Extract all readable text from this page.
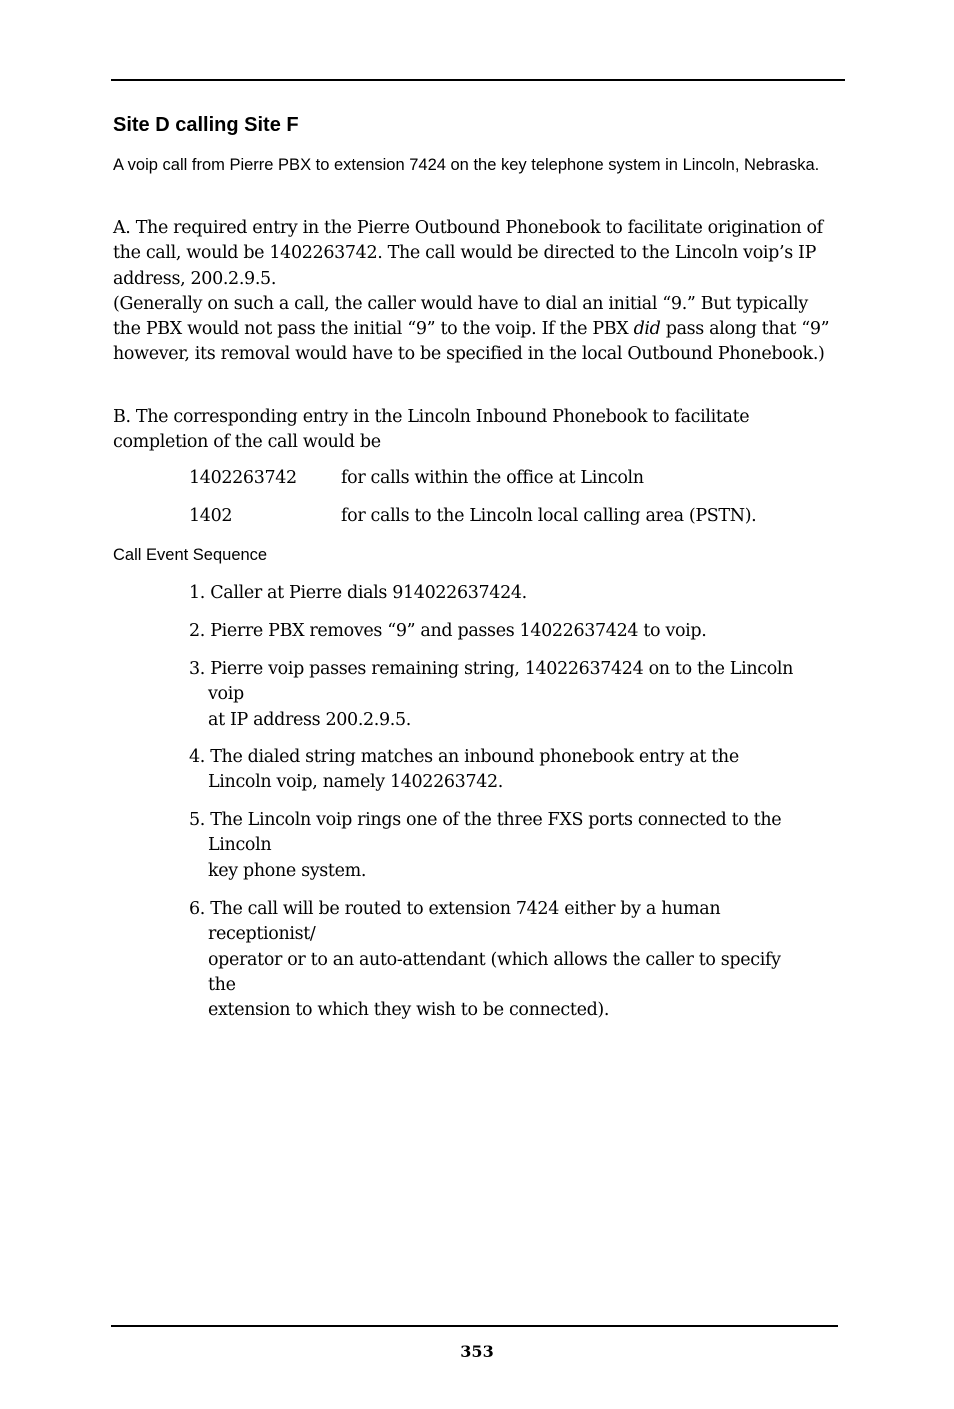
Site D calling Site F
A voip call from Pierre PBX to extension 7424 on the key telephone system in Lincoln, Nebraska.
A. The required entry in the Pierre Outbound Phonebook to facilitate origination of the call, would be 1402263742. The call would be directed to the Lincoln voip’s IP address, 200.2.9.5.
(Generally on such a call, the caller would have to dial an initial “9.” But typically the PBX would not pass the initial “9” to the voip. If the PBX did pass along that “9” however, its removal would have to be specified in the local Outbound Phonebook.)
B. The corresponding entry in the Lincoln Inbound Phonebook to facilitate completion of the call would be
1402263742	for calls within the office at Lincoln
1402	for calls to the Lincoln local calling area (PSTN).
Call Event Sequence
1. Caller at Pierre dials 914022637424.
2. Pierre PBX removes “9” and passes 14022637424 to voip.
3. Pierre voip passes remaining string, 14022637424 on to the Lincoln
voip
at IP address 200.2.9.5.
4. The dialed string matches an inbound phonebook entry at the
Lincoln voip, namely 1402263742.
5. The Lincoln voip rings one of the three FXS ports connected to the
Lincoln
key phone system.
6. The call will be routed to extension 7424 either by a human
receptionist/
operator or to an auto-attendant (which allows the caller to specify
the
extension to which they wish to be connected).
353
